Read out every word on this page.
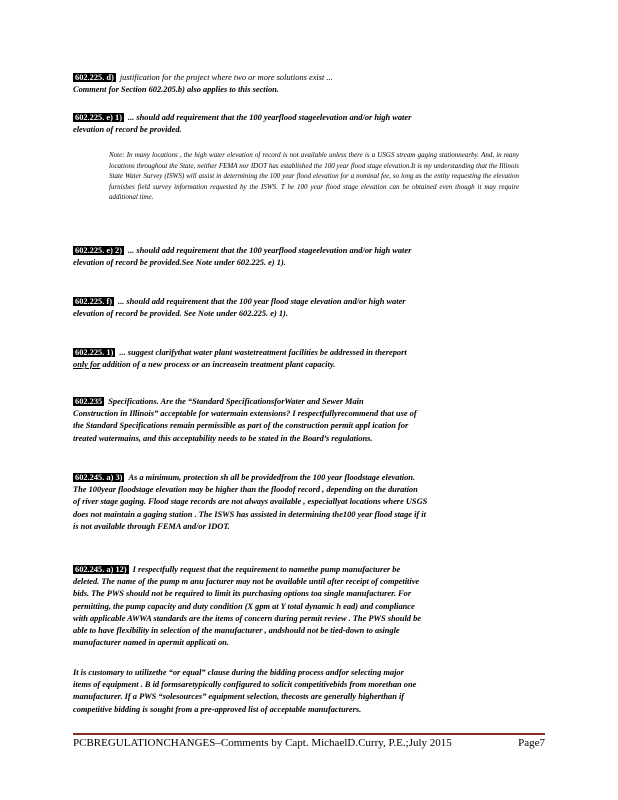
602.225. d) justification for the project where two or more solutions exist ...
Comment for Section 602.205.b) also applies to this section.
602.225. e) 1) ... should add requirement that the 100 yearflood stageelevation and/or high water
elevation of record be provided.
Note: In many locations , the high water elevation of record is not available unless there is a USGS stream gaging stationnearby. And, in many locations throughout the State, neither FEMA nor IDOT has established the 100 year flood stage elevation.It is my understanding that the Illinois State Water Survey (ISWS) will assist in determining the 100 year flood elevation for a nominal fee, so long as the entity requesting the elevation furnishes field survey information requested by the ISWS. T he 100 year flood stage elevation can be obtained even though it may require additional time.
602.225. e) 2) ... should add requirement that the 100 yearflood stageelevation and/or high water
elevation of record be provided.See Note under 602.225. e) 1).
602.225. f) ... should add requirement that the 100 year flood stage elevation and/or high water
elevation of record be provided. See Note under 602.225. e) 1).
602.225. 1) ... suggest clarifythat water plant wastetreatment facilities be addressed in thereport
only for addition of a new process or an increasein treatment plant capacity.
602.235 Specifications. Are the “Standard SpecificationsforWater and Sewer Main
Construction in Illinois” acceptable for watermain extensions? I respectfullyrecommend that use of
the Standard Specifications remain permissible as part of the construction permit appl ication for
treated watermains, and this acceptability needs to be stated in the Board’s regulations.
602.245. a) 3) As a minimum, protection sh all be providedfrom the 100 year floodstage elevation.
The 100year floodstage elevation may be higher than the floodof record , depending on the duration
of river stage gaging. Flood stage records are not always available , especiallyat locations where USGS
does not maintain a gaging station . The ISWS has assisted in determining the100 year flood stage if it
is not available through FEMA and/or IDOT.
602.245. a) 12) I respectfully request that the requirement to namethe pump manufacturer be
deleted. The name of the pump m anu facturer may not be available until after receipt of competitive
bids. The PWS should not be required to limit its purchasing options toa single manufacturer. For
permitting, the pump capacity and duty condition (X gpm at Y total dynamic h ead) and compliance
with applicable AWWA standards are the items of concern during permit review . The PWS should be
able to have flexibility in selection of the manufacturer , andshould not be tied-down to asingle
manufacturer named in apermit applicati on.
It is customary to utilizethe “or equal” clause during the bidding process andfor selecting major
items of equipment . B id formsaretypically configured to solicit competitivebids from morethan one
manufacturer. If a PWS “solesources” equipment selection, thecosts are generally higherthan if
competitive bidding is sought from a pre-approved list of acceptable manufacturers.
PCBREGULATIONCHANGES–Comments by Capt. MichaelD.Curry, P.E.;July 2015	Page7
